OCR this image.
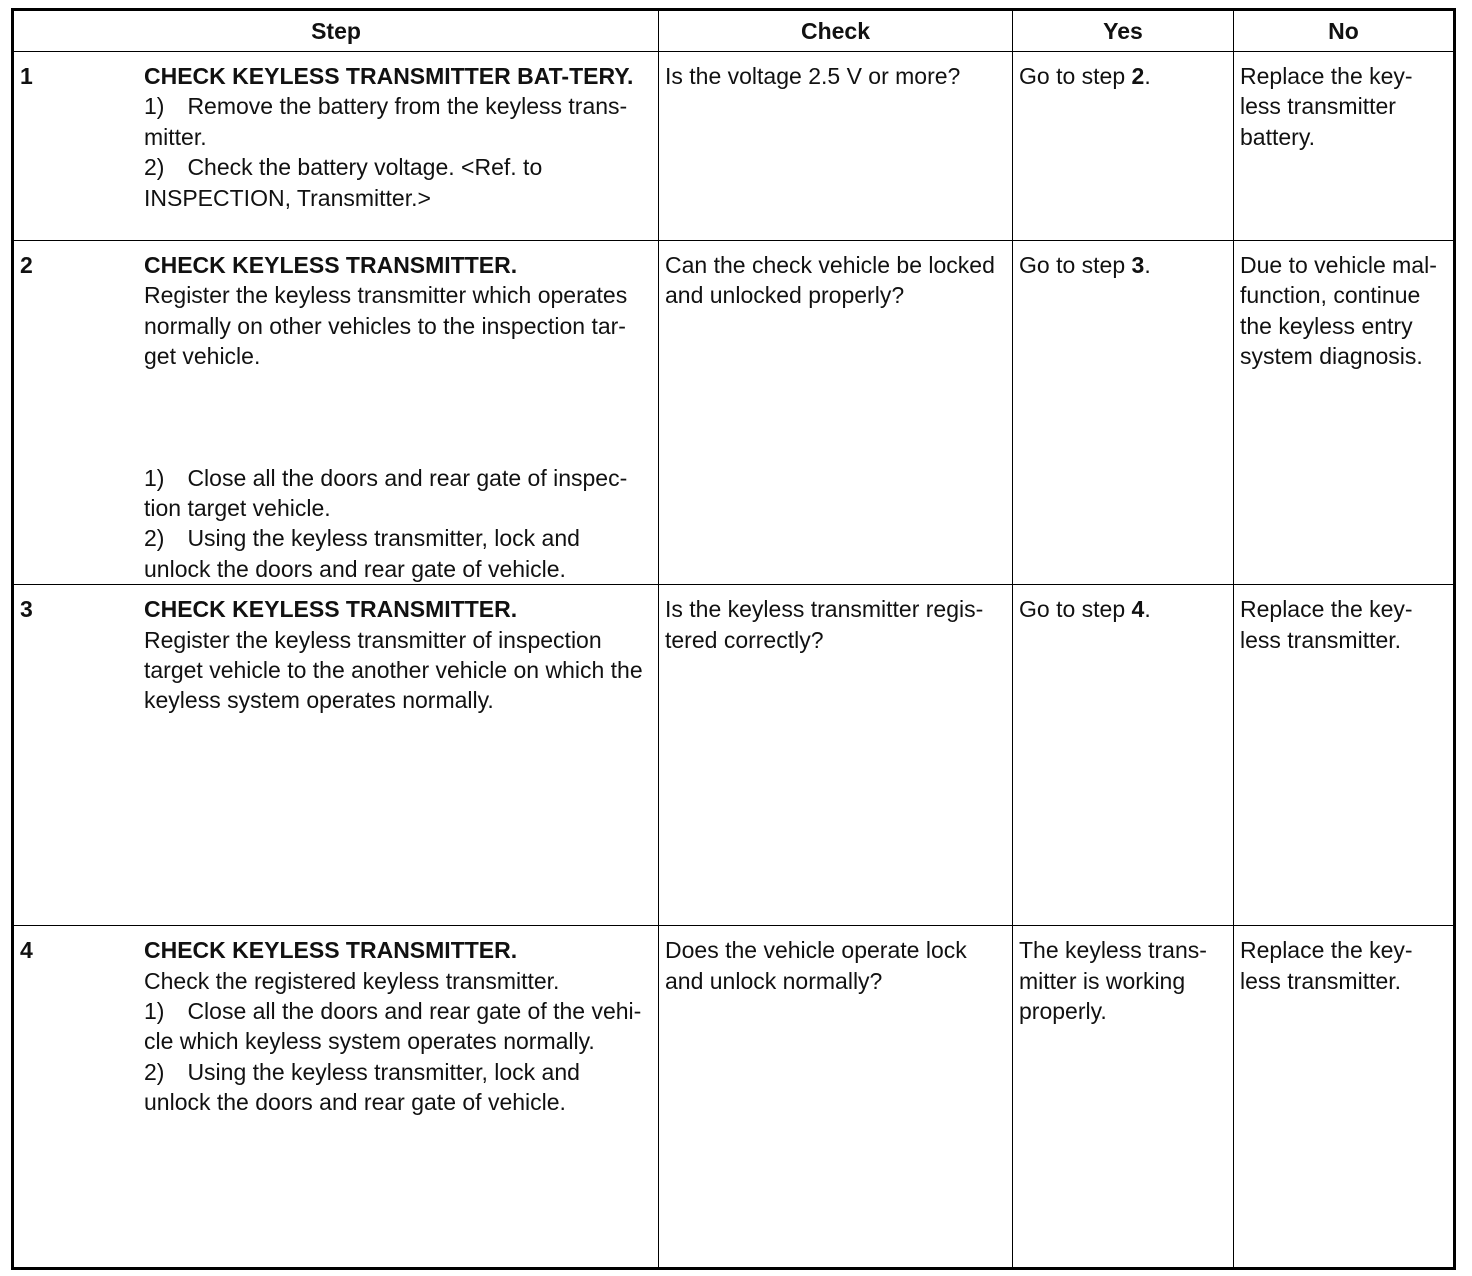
Step	Check	Yes	No

1 CHECK KEYLESS TRANSMITTER BAT-TERY.
1) Remove the battery from the keyless trans-mitter.
2) Check the battery voltage. <Ref. to INSPECTION, Transmitter.>	Is the voltage 2.5 V or more?	Go to step 2.	Replace the key-less transmitter battery.

2 CHECK KEYLESS TRANSMITTER.
Register the keyless transmitter which operates normally on other vehicles to the inspection tar-get vehicle.
1) Close all the doors and rear gate of inspec-tion target vehicle.
2) Using the keyless transmitter, lock and unlock the doors and rear gate of vehicle.	Can the check vehicle be locked and unlocked properly?	Go to step 3.	Due to vehicle mal-function, continue the keyless entry system diagnosis.

3 CHECK KEYLESS TRANSMITTER.
Register the keyless transmitter of inspection target vehicle to the another vehicle on which the keyless system operates normally.	Is the keyless transmitter regis-tered correctly?	Go to step 4.	Replace the key-less transmitter.

4 CHECK KEYLESS TRANSMITTER.
Check the registered keyless transmitter.
1) Close all the doors and rear gate of the vehi-cle which keyless system operates normally.
2) Using the keyless transmitter, lock and unlock the doors and rear gate of vehicle.	Does the vehicle operate lock and unlock normally?	The keyless trans-mitter is working properly.	Replace the key-less transmitter.
